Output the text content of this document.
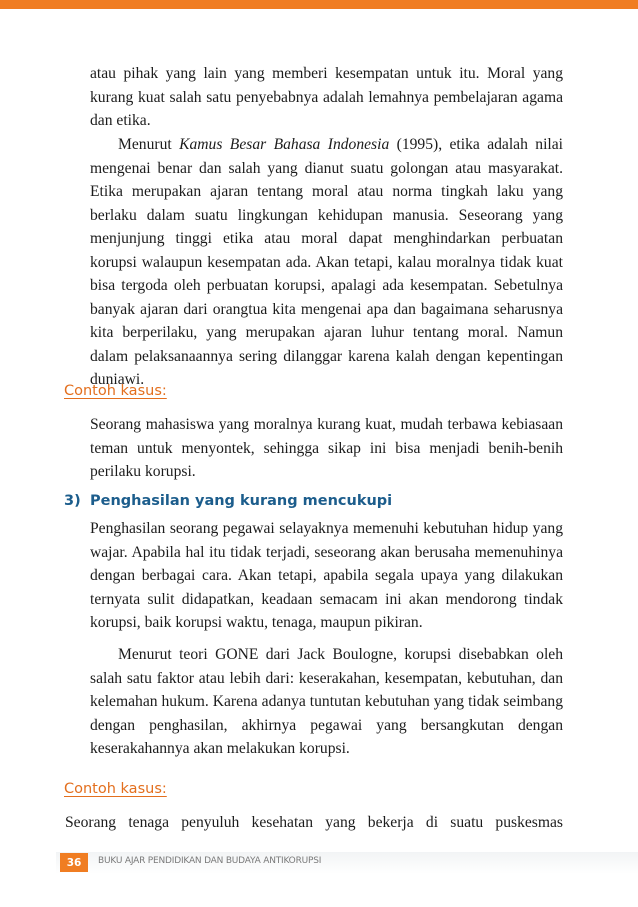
atau pihak yang lain yang memberi kesempatan untuk itu. Moral yang kurang kuat salah satu penyebabnya adalah lemahnya pembelajaran agama dan etika.

Menurut Kamus Besar Bahasa Indonesia (1995), etika adalah nilai mengenai benar dan salah yang dianut suatu golongan atau masyarakat. Etika merupakan ajaran tentang moral atau norma tingkah laku yang berlaku dalam suatu lingkungan kehidupan manusia. Seseorang yang menjunjung tinggi etika atau moral dapat menghindarkan perbuatan korupsi walaupun kesempatan ada. Akan tetapi, kalau moralnya tidak kuat bisa tergoda oleh perbuatan korupsi, apalagi ada kesempatan. Sebetulnya banyak ajaran dari orangtua kita mengenai apa dan bagaimana seharusnya kita berperilaku, yang merupakan ajaran luhur tentang moral. Namun dalam pelaksanaannya sering dilanggar karena kalah dengan kepentingan duniawi.

Contoh kasus:

Seorang mahasiswa yang moralnya kurang kuat, mudah terbawa kebiasaan teman untuk menyontek, sehingga sikap ini bisa menjadi benih-benih perilaku korupsi.

3) Penghasilan yang kurang mencukupi

Penghasilan seorang pegawai selayaknya memenuhi kebutuhan hidup yang wajar. Apabila hal itu tidak terjadi, seseorang akan berusaha memenuhinya dengan berbagai cara. Akan tetapi, apabila segala upaya yang dilakukan ternyata sulit didapatkan, keadaan semacam ini akan mendorong tindak korupsi, baik korupsi waktu, tenaga, maupun pikiran.

Menurut teori GONE dari Jack Boulogne, korupsi disebabkan oleh salah satu faktor atau lebih dari: keserakahan, kesempatan, kebutuhan, dan kelemahan hukum. Karena adanya tuntutan kebutuhan yang tidak seimbang dengan penghasilan, akhirnya pegawai yang bersangkutan dengan keserakahannya akan melakukan korupsi.

Contoh kasus:

Seorang tenaga penyuluh kesehatan yang bekerja di suatu puskesmas

36	BUKU AJAR PENDIDIKAN DAN BUDAYA ANTIKORUPSI
